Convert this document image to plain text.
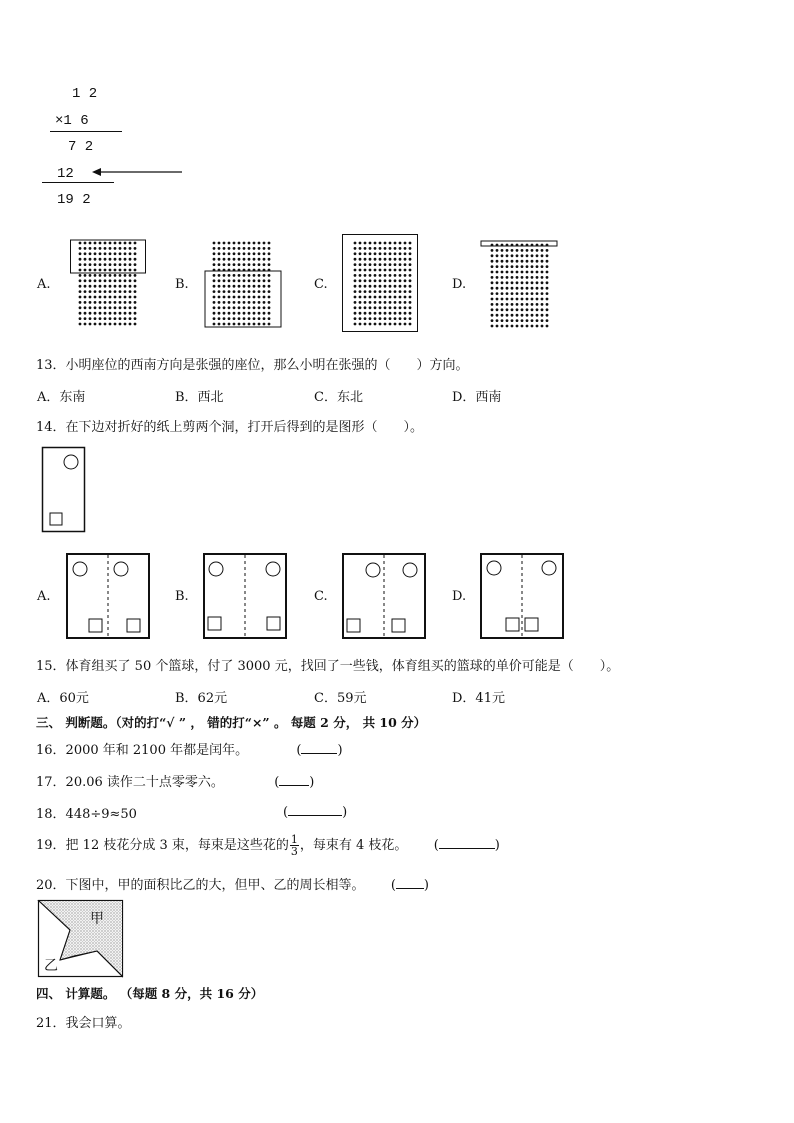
1 2
×1 6
7 2
12
19 2
A.	B.	C.	D.
13．小明座位的西南方向是张强的座位，那么小明在张强的（　　）方向。
A．东南	B．西北	C．东北	D．西南
14．在下边对折好的纸上剪两个洞，打开后得到的是图形（　　）。
A.	B.	C.	D.
15．体育组买了 50 个篮球，付了 3000 元，找回了一些钱，体育组买的篮球的单价可能是（　　）。
A．60元	B．62元	C．59元	D．41元
三、 判断题。（对的打“√ ” ， 错的打“×” 。 每题 2 分， 共 10 分）
16．2000 年和 2100 年都是闰年。	(	)
17．20.06 读作二十点零零六。	( )
18．448÷9≈50	(	)
19．把 12 枝花分成 3 束，每束是这些花的 $\frac{1}{3}$ ，每束有 4 枝花。 (	)
20．下图中，甲的面积比乙的大，但甲、乙的周长相等。 ( )
甲
乙
四、 计算题。 （每题 8 分，共 16 分）
21．我会口算。
